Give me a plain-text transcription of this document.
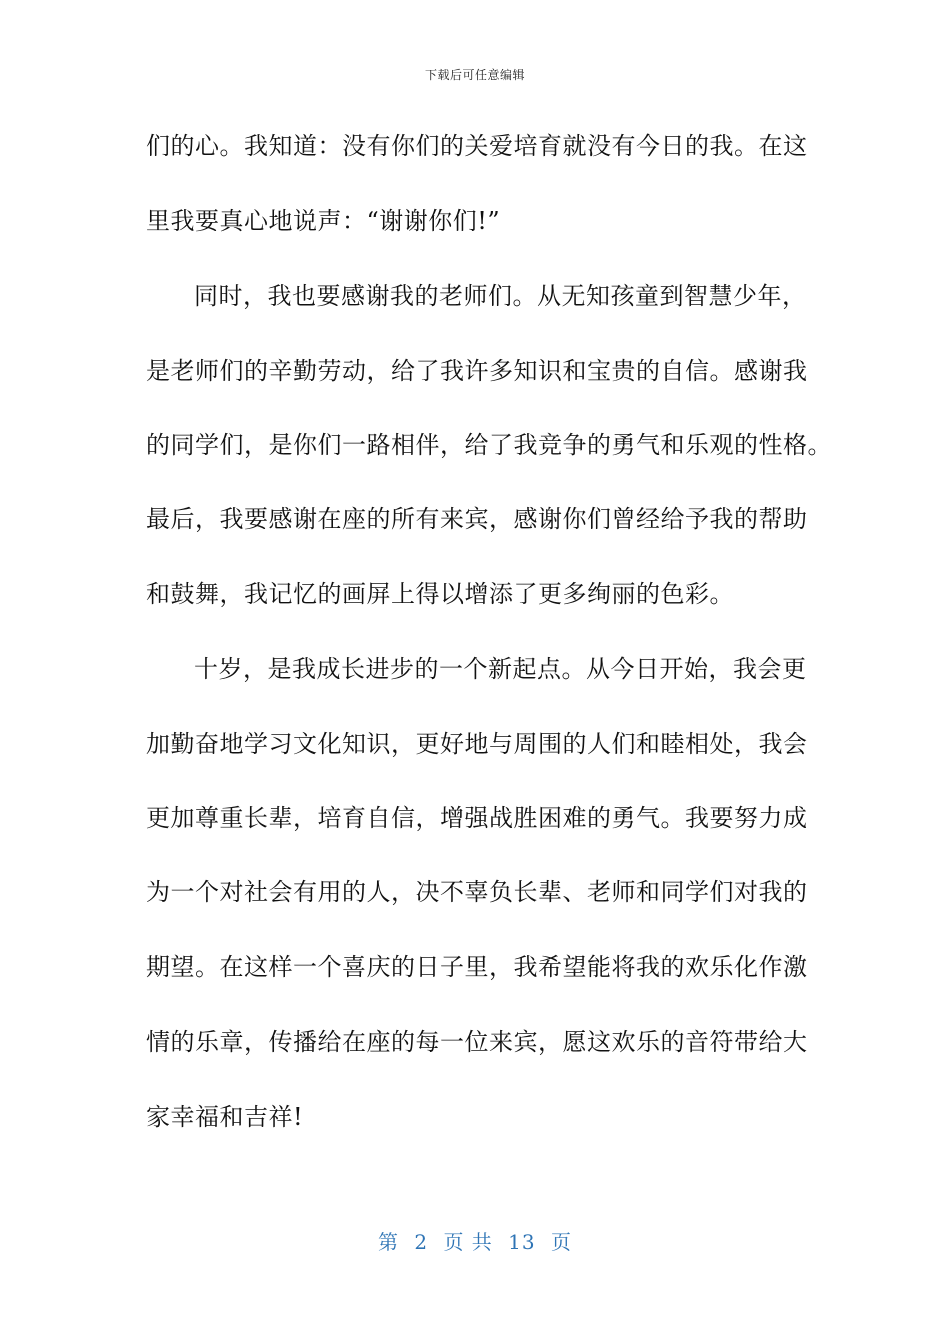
下载后可任意编辑
们的心。我知道：没有你们的关爱培育就没有今日的我。在这
里我要真心地说声：“谢谢你们!”
同时，我也要感谢我的老师们。从无知孩童到智慧少年，
是老师们的辛勤劳动，给了我许多知识和宝贵的自信。感谢我
的同学们，是你们一路相伴，给了我竞争的勇气和乐观的性格。
最后，我要感谢在座的所有来宾，感谢你们曾经给予我的帮助
和鼓舞，我记忆的画屏上得以增添了更多绚丽的色彩。
十岁，是我成长进步的一个新起点。从今日开始，我会更
加勤奋地学习文化知识，更好地与周围的人们和睦相处，我会
更加尊重长辈，培育自信，增强战胜困难的勇气。我要努力成
为一个对社会有用的人，决不辜负长辈、老师和同学们对我的
期望。在这样一个喜庆的日子里，我希望能将我的欢乐化作激
情的乐章，传播给在座的每一位来宾，愿这欢乐的音符带给大
家幸福和吉祥!
第 2 页 共 13 页
